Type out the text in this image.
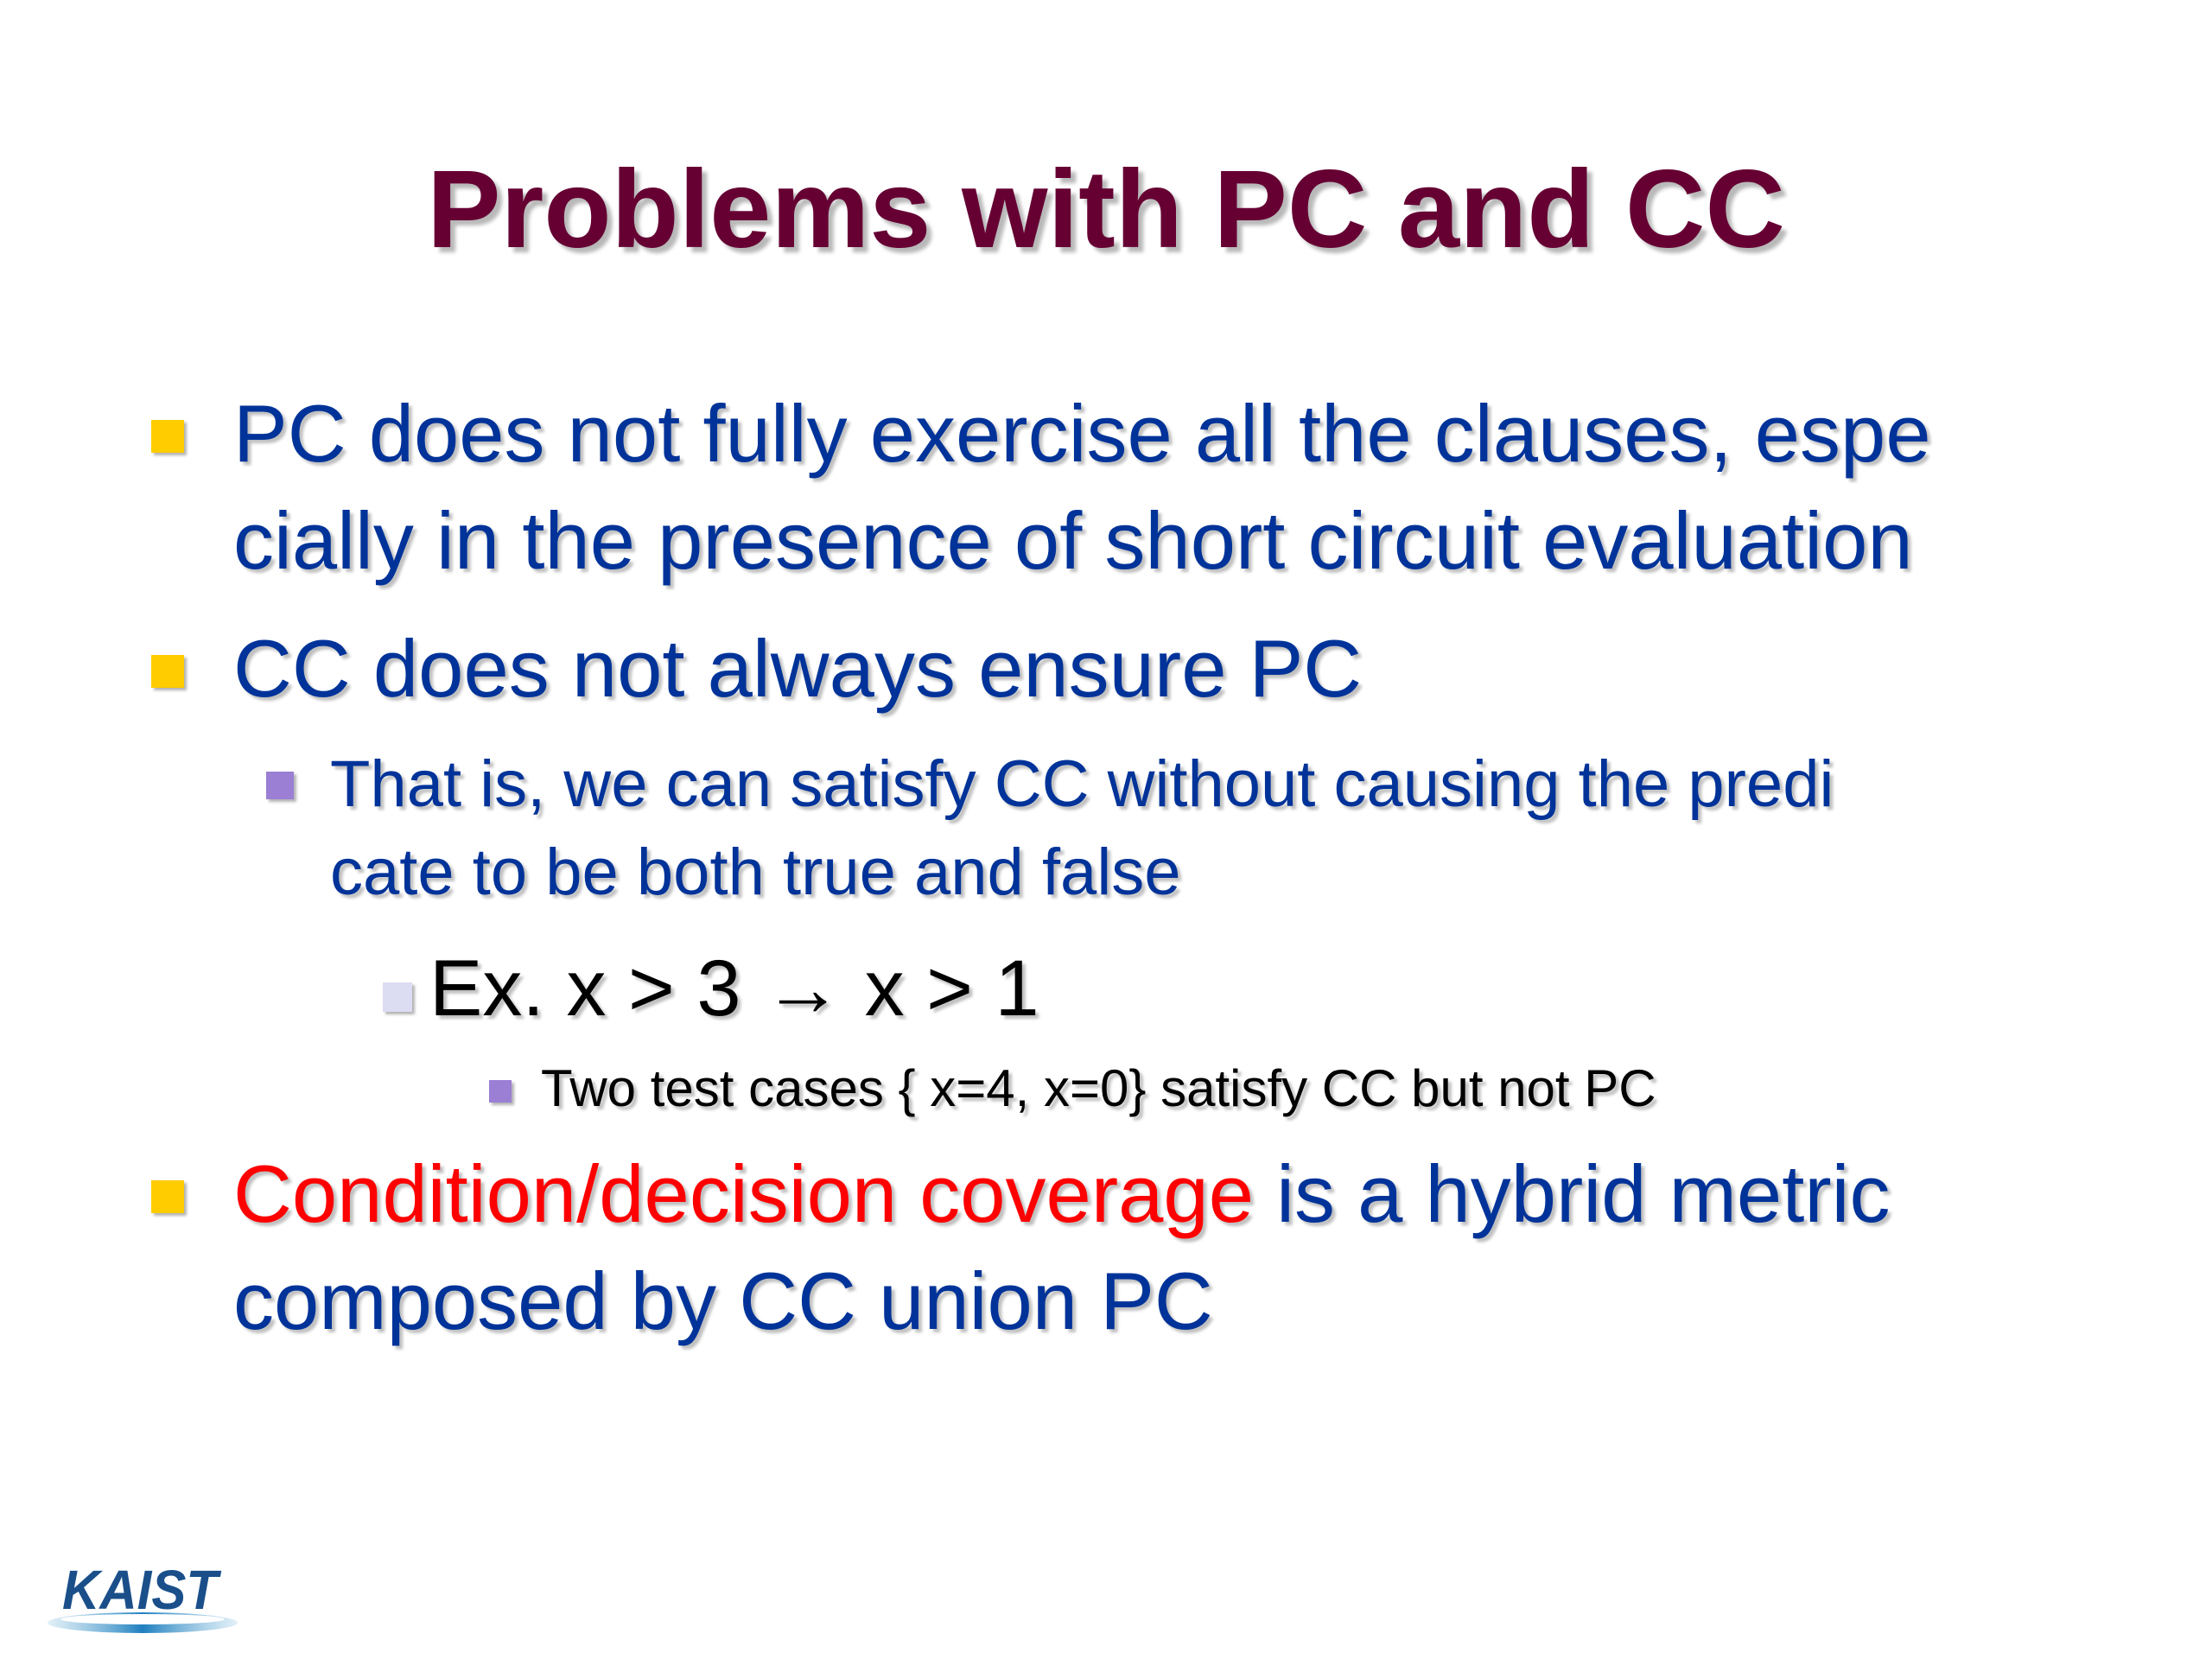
Problems with PC and CC
PC does not fully exercise all the clauses, espe
cially in the presence of short circuit evaluation
CC does not always ensure PC
That is, we can satisfy CC without causing the predi
cate to be both true and false
Ex. x > 3 → x > 1
Two test cases { x=4, x=0} satisfy CC but not PC
Condition/decision coverage is a hybrid metric
composed by CC union PC
KAIST
